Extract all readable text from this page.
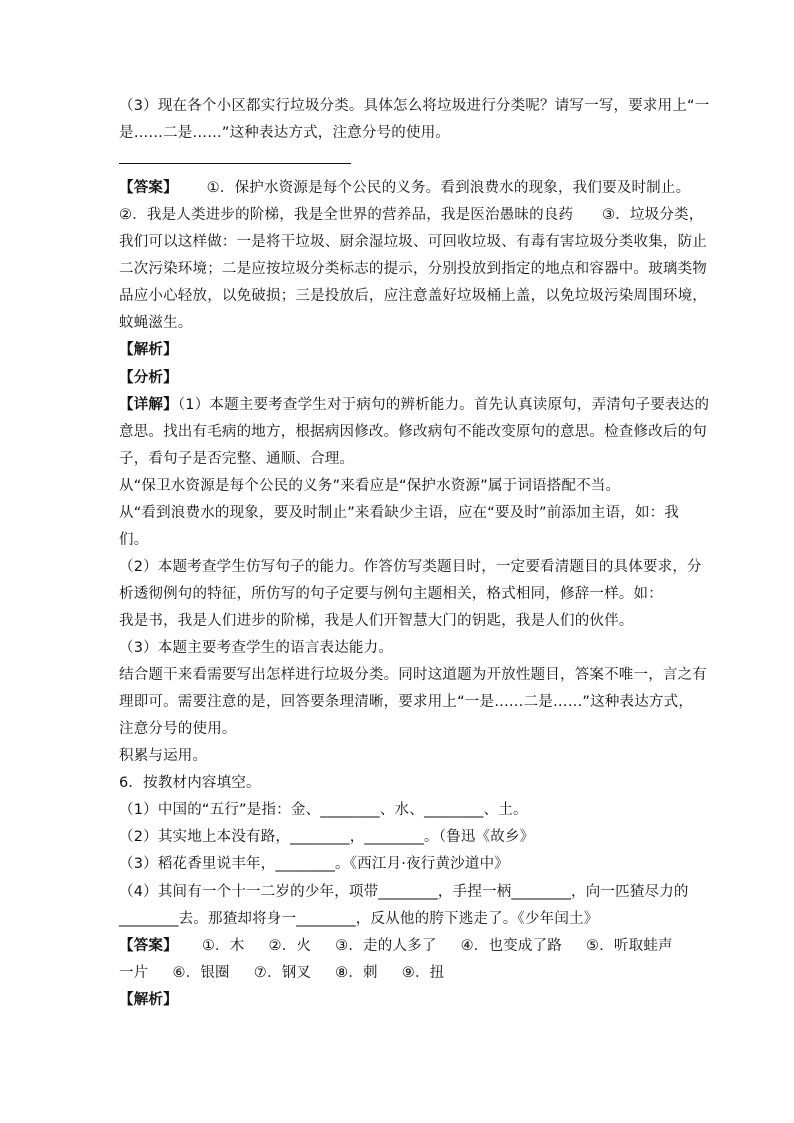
（3）现在各个小区都实行垃圾分类。具体怎么将垃圾进行分类呢？请写一写，要求用上“一
是……二是……”这种表达方式，注意分号的使用。
【答案】      ①．保护水资源是每个公民的义务。看到浪费水的现象，我们要及时制止。
②．我是人类进步的阶梯，我是全世界的营养品，我是医治愚昧的良药      ③．垃圾分类，
我们可以这样做：一是将干垃圾、厨余湿垃圾、可回收垃圾、有毒有害垃圾分类收集，防止
二次污染环境；二是应按垃圾分类标志的提示，分别投放到指定的地点和容器中。玻璃类物
品应小心轻放，以免破损；三是投放后，应注意盖好垃圾桶上盖，以免垃圾污染周围环境，
蚊蝇滋生。
【解析】
【分析】
【详解】（1）本题主要考查学生对于病句的辨析能力。首先认真读原句，弄清句子要表达的
意思。找出有毛病的地方，根据病因修改。修改病句不能改变原句的意思。检查修改后的句
子，看句子是否完整、通顺、合理。
从“保卫水资源是每个公民的义务”来看应是“保护水资源”属于词语搭配不当。
从“看到浪费水的现象，要及时制止”来看缺少主语，应在“要及时”前添加主语，如：我
们。
（2）本题考查学生仿写句子的能力。作答仿写类题目时，一定要看清题目的具体要求，分
析透彻例句的特征，所仿写的句子定要与例句主题相关，格式相同，修辞一样。如：
我是书，我是人们进步的阶梯，我是人们开智慧大门的钥匙，我是人们的伙伴。
（3）本题主要考查学生的语言表达能力。
结合题干来看需要写出怎样进行垃圾分类。同时这道题为开放性题目，答案不唯一，言之有
理即可。需要注意的是，回答要条理清晰，要求用上“一是……二是……”这种表达方式，
注意分号的使用。
积累与运用。
6．按教材内容填空。
（1）中国的“五行”是指：金、________、水、________、土。
（2）其实地上本没有路，________，________。（鲁迅《故乡》
（3）稻花香里说丰年，________。《西江月·夜行黄沙道中》
（4）其间有一个十一二岁的少年，项带________，手捏一柄________，向一匹猹尽力的
________去。那猹却将身一________，反从他的胯下逃走了。《少年闰土》
【答案】     ①．木     ②．火     ③．走的人多了     ④．也变成了路     ⑤．听取蛙声
一片     ⑥．银圈     ⑦．钢叉     ⑧．刺     ⑨．扭
【解析】
